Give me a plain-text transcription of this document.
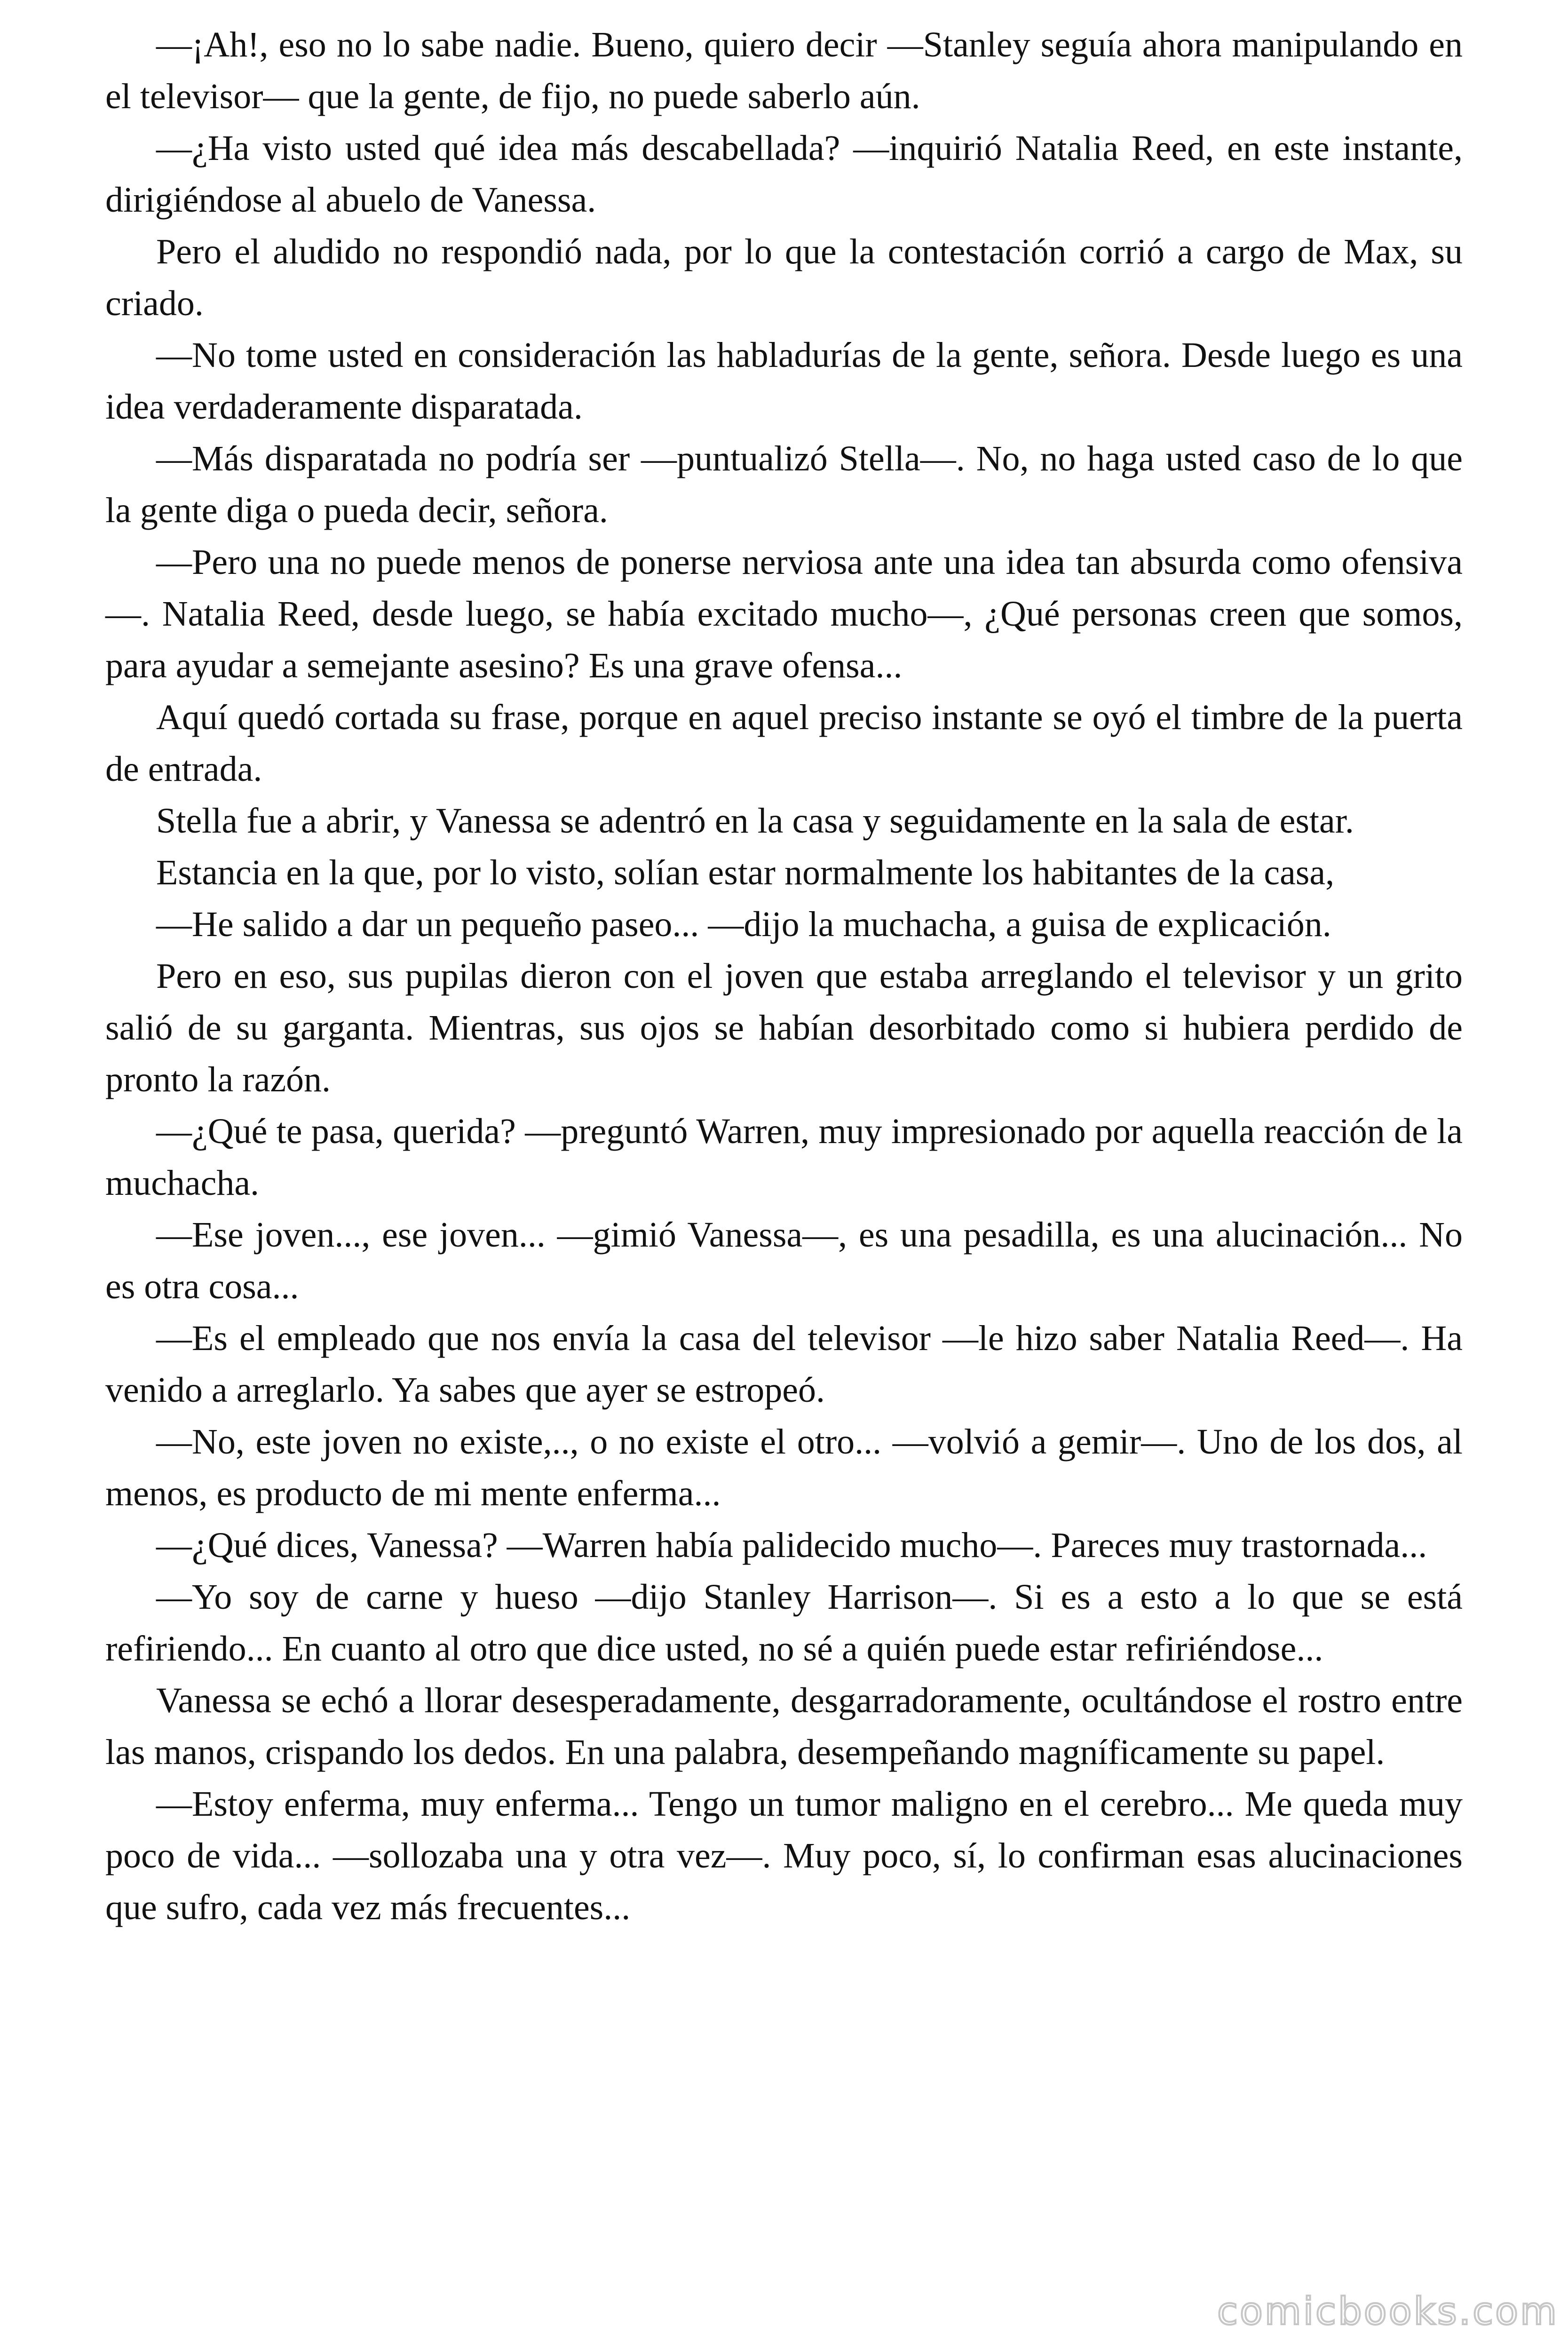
—¡Ah!, eso no lo sabe nadie. Bueno, quiero decir —Stanley seguía ahora manipulando en el televisor— que la gente, de fijo, no puede saberlo aún.

—¿Ha visto usted qué idea más descabellada? —inquirió Natalia Reed, en este instante, dirigiéndose al abuelo de Vanessa.

Pero el aludido no respondió nada, por lo que la contestación corrió a cargo de Max, su criado.

—No tome usted en consideración las habladurías de la gente, señora. Desde luego es una idea verdaderamente disparatada.

—Más disparatada no podría ser —puntualizó Stella—. No, no haga usted caso de lo que la gente diga o pueda decir, señora.

—Pero una no puede menos de ponerse nerviosa ante una idea tan absurda como ofensiva—. Natalia Reed, desde luego, se había excitado mucho—, ¿Qué personas creen que somos, para ayudar a semejante asesino? Es una grave ofensa...

Aquí quedó cortada su frase, porque en aquel preciso instante se oyó el timbre de la puerta de entrada.

Stella fue a abrir, y Vanessa se adentró en la casa y seguidamente en la sala de estar.

Estancia en la que, por lo visto, solían estar normalmente los habitantes de la casa,

—He salido a dar un pequeño paseo... —dijo la muchacha, a guisa de explicación.

Pero en eso, sus pupilas dieron con el joven que estaba arreglando el televisor y un grito salió de su garganta. Mientras, sus ojos se habían desorbitado como si hubiera perdido de pronto la razón.

—¿Qué te pasa, querida? —preguntó Warren, muy impresionado por aquella reacción de la muchacha.

—Ese joven..., ese joven... —gimió Vanessa—, es una pesadilla, es una alucinación... No es otra cosa...

—Es el empleado que nos envía la casa del televisor —le hizo saber Natalia Reed—. Ha venido a arreglarlo. Ya sabes que ayer se estropeó.

—No, este joven no existe,.., o no existe el otro... —volvió a gemir—. Uno de los dos, al menos, es producto de mi mente enferma...

—¿Qué dices, Vanessa? —Warren había palidecido mucho—. Pareces muy trastornada...

—Yo soy de carne y hueso —dijo Stanley Harrison—. Si es a esto a lo que se está refiriendo... En cuanto al otro que dice usted, no sé a quién puede estar refiriéndose...

Vanessa se echó a llorar desesperadamente, desgarradoramente, ocultándose el rostro entre las manos, crispando los dedos. En una palabra, desempeñando magníficamente su papel.

—Estoy enferma, muy enferma... Tengo un tumor maligno en el cerebro... Me queda muy poco de vida... —sollozaba una y otra vez—. Muy poco, sí, lo confirman esas alucinaciones que sufro, cada vez más frecuentes...

comicbooks.com
